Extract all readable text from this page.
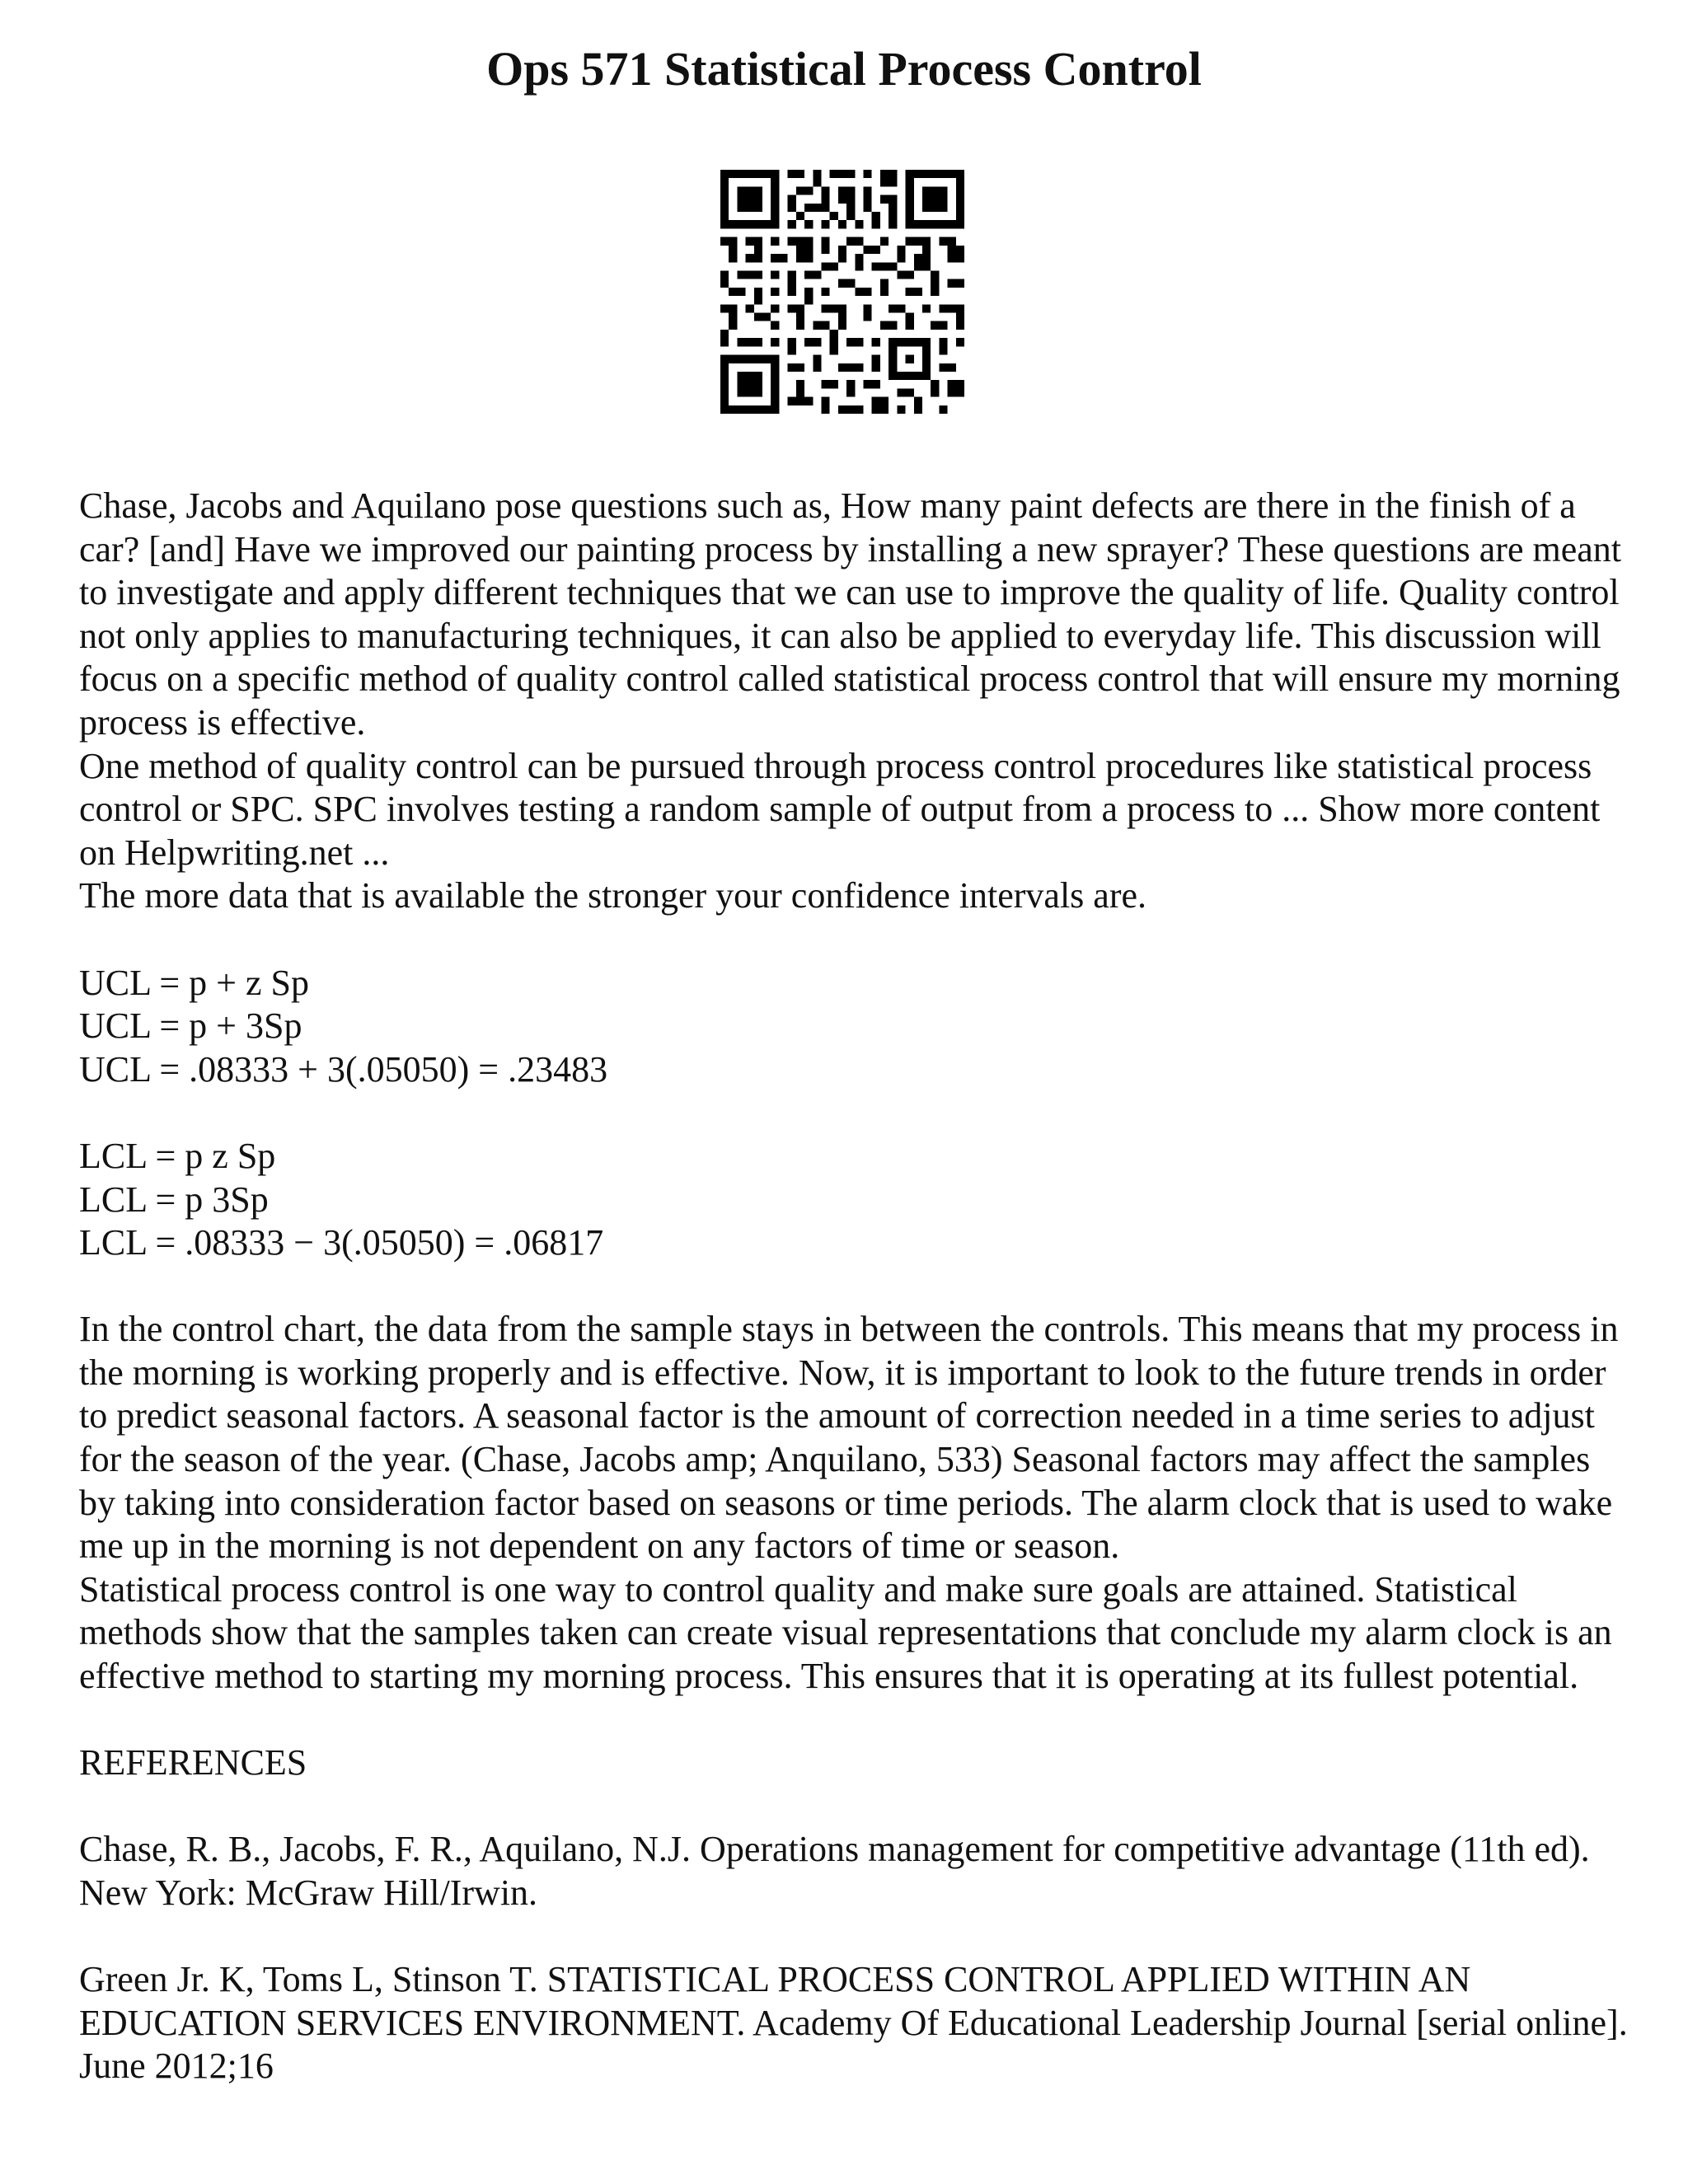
Ops 571 Statistical Process Control

Chase, Jacobs and Aquilano pose questions such as, How many paint defects are there in the finish of a car? [and] Have we improved our painting process by installing a new sprayer? These questions are meant to investigate and apply different techniques that we can use to improve the quality of life. Quality control not only applies to manufacturing techniques, it can also be applied to everyday life. This discussion will focus on a specific method of quality control called statistical process control that will ensure my morning process is effective.

One method of quality control can be pursued through process control procedures like statistical process control or SPC. SPC involves testing a random sample of output from a process to ... Show more content on Helpwriting.net ...

The more data that is available the stronger your confidence intervals are.

UCL = p + z Sp

UCL = p + 3Sp

UCL = .08333 + 3(.05050) = .23483

LCL = p z Sp

LCL = p 3Sp

LCL = .08333 − 3(.05050) = .06817

In the control chart, the data from the sample stays in between the controls. This means that my process in the morning is working properly and is effective. Now, it is important to look to the future trends in order to predict seasonal factors. A seasonal factor is the amount of correction needed in a time series to adjust for the season of the year. (Chase, Jacobs amp; Anquilano, 533) Seasonal factors may affect the samples by taking into consideration factor based on seasons or time periods. The alarm clock that is used to wake me up in the morning is not dependent on any factors of time or season.

Statistical process control is one way to control quality and make sure goals are attained. Statistical methods show that the samples taken can create visual representations that conclude my alarm clock is an effective method to starting my morning process. This ensures that it is operating at its fullest potential.

REFERENCES

Chase, R. B., Jacobs, F. R., Aquilano, N.J. Operations management for competitive advantage (11th ed). New York: McGraw Hill/Irwin.

Green Jr. K, Toms L, Stinson T. STATISTICAL PROCESS CONTROL APPLIED WITHIN AN EDUCATION SERVICES ENVIRONMENT. Academy Of Educational Leadership Journal [serial online]. June 2012;16
